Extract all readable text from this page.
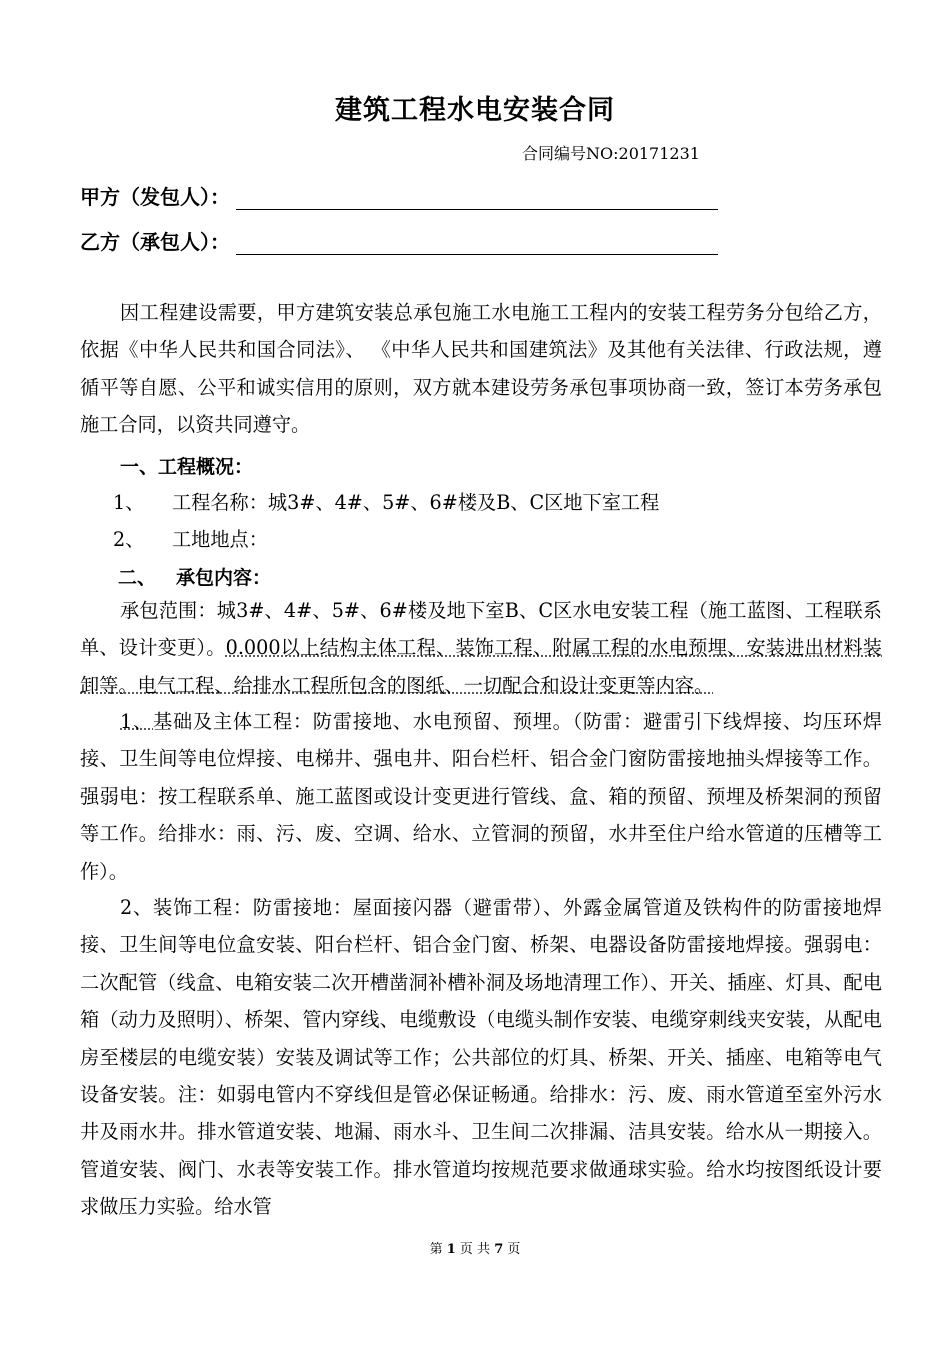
建筑工程水电安装合同
合同编号NO:20171231
甲方（发包人）：
乙方（承包人）：
因工程建设需要，甲方建筑安装总承包施工水电施工工程内的安装工程劳务分包给乙方，依据《中华人民共和国合同法》、 《中华人民共和国建筑法》及其他有关法律、行政法规，遵循平等自愿、公平和诚实信用的原则，双方就本建设劳务承包事项协商一致，签订本劳务承包施工合同，以资共同遵守。
一、工程概况：
1、 工程名称：城3#、4#、5#、6#楼及B、C区地下室工程
2、 工地地点：
二、 承包内容：
承包范围：城3#、4#、5#、6#楼及地下室B、C区水电安装工程（施工蓝图、工程联系单、设计变更）。0.000以上结构主体工程、装饰工程、附属工程的水电预埋、安装进出材料装卸等。电气工程、给排水工程所包含的图纸、一切配合和设计变更等内容。
1、基础及主体工程：防雷接地、水电预留、预埋。（防雷：避雷引下线焊接、均压环焊接、卫生间等电位焊接、电梯井、强电井、阳台栏杆、铝合金门窗防雷接地抽头焊接等工作。强弱电：按工程联系单、施工蓝图或设计变更进行管线、盒、箱的预留、预埋及桥架洞的预留等工作。给排水：雨、污、废、空调、给水、立管洞的预留，水井至住户给水管道的压槽等工作）。
2、装饰工程：防雷接地：屋面接闪器（避雷带）、外露金属管道及铁构件的防雷接地焊接、卫生间等电位盒安装、阳台栏杆、铝合金门窗、桥架、电器设备防雷接地焊接。强弱电：二次配管（线盒、电箱安装二次开槽凿洞补槽补洞及场地清理工作）、开关、插座、灯具、配电箱（动力及照明）、桥架、管内穿线、电缆敷设（电缆头制作安装、电缆穿刺线夹安装，从配电房至楼层的电缆安装）安装及调试等工作；公共部位的灯具、桥架、开关、插座、电箱等电气设备安装。注：如弱电管内不穿线但是管必保证畅通。给排水：污、废、雨水管道至室外污水井及雨水井。排水管道安装、地漏、雨水斗、卫生间二次排漏、洁具安装。给水从一期接入。管道安装、阀门、水表等安装工作。排水管道均按规范要求做通球实验。给水均按图纸设计要求做压力实验。给水管
第 1 页 共 7 页
